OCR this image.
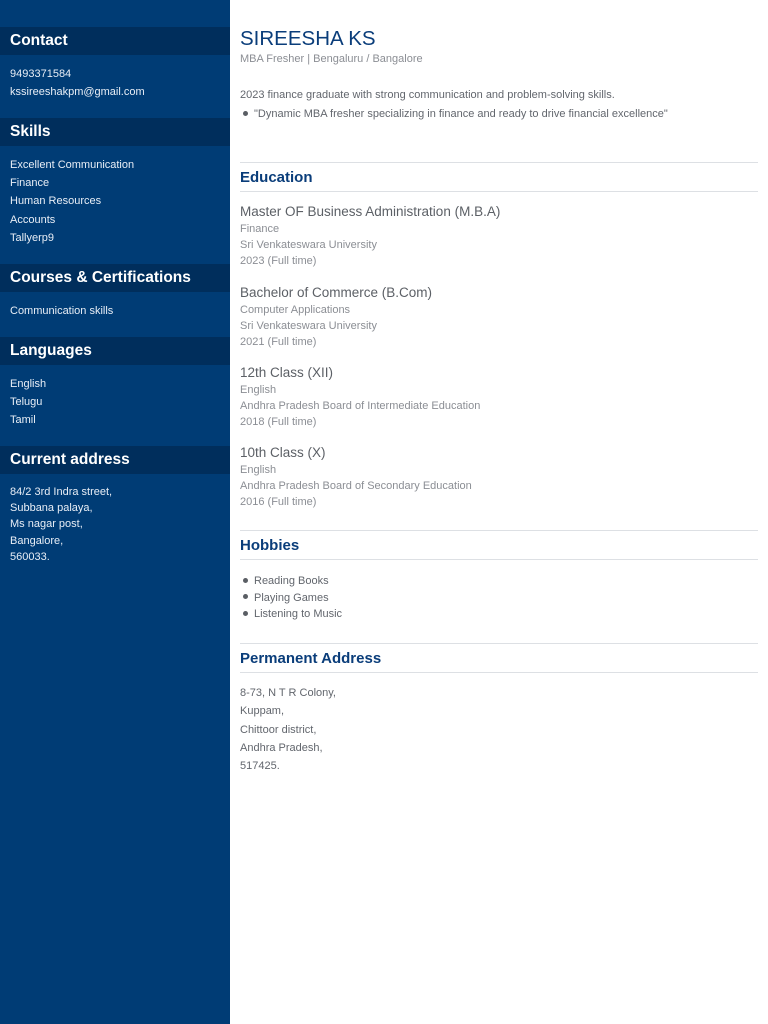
Contact
9493371584
kssireeshakpm@gmail.com
Skills
Excellent Communication
Finance
Human Resources
Accounts
Tallyerp9
Courses & Certifications
Communication skills
Languages
English
Telugu
Tamil
Current address
84/2 3rd Indra street,
Subbana palaya,
Ms nagar post,
Bangalore,
560033.
SIREESHA KS
MBA Fresher | Bengaluru / Bangalore
2023 finance graduate with strong communication and problem-solving skills.
"Dynamic MBA fresher specializing in finance and ready to drive financial excellence"
Education
Master OF Business Administration (M.B.A)
Finance
Sri Venkateswara University
2023 (Full time)
Bachelor of Commerce (B.Com)
Computer Applications
Sri Venkateswara University
2021 (Full time)
12th Class (XII)
English
Andhra Pradesh Board of Intermediate Education
2018 (Full time)
10th Class (X)
English
Andhra Pradesh Board of Secondary Education
2016 (Full time)
Hobbies
Reading Books
Playing Games
Listening to Music
Permanent Address
8-73, N T R Colony,
Kuppam,
Chittoor district,
Andhra Pradesh,
517425.
